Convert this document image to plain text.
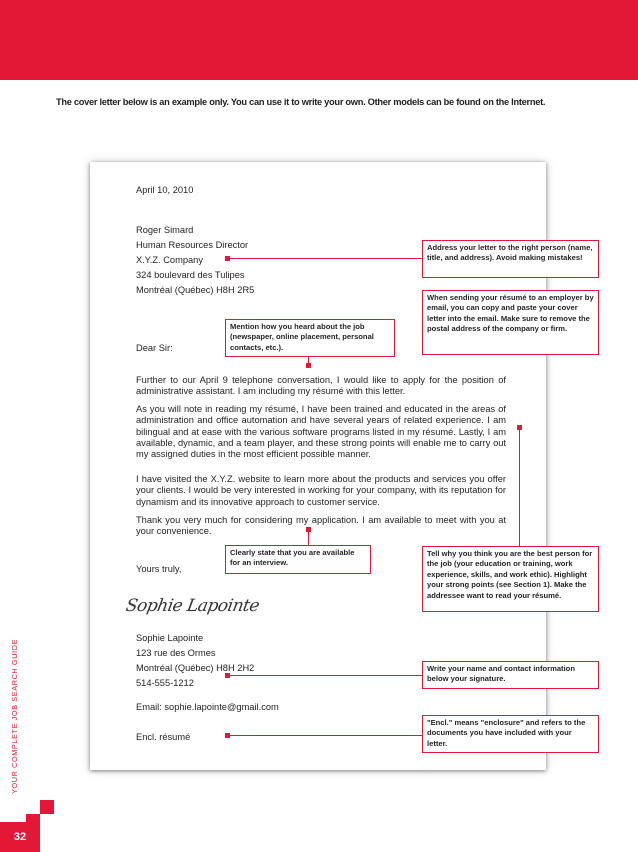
The cover letter below is an example only. You can use it to write your own. Other models can be found on the Internet.
April 10, 2010
Roger Simard
Human Resources Director
X.Y.Z. Company
324 boulevard des Tulipes
Montréal (Québec) H8H 2R5
Dear Sir:
Further to our April 9 telephone conversation, I would like to apply for the position of administrative assistant. I am including my résumé with this letter.
As you will note in reading my résumé, I have been trained and educated in the areas of administration and office automation and have several years of related experience. I am bilingual and at ease with the various software programs listed in my résumé. Lastly, I am available, dynamic, and a team player, and these strong points will enable me to carry out my assigned duties in the most efficient possible manner.
I have visited the X.Y.Z. website to learn more about the products and services you offer your clients. I would be very interested in working for your company, with its reputation for dynamism and its innovative approach to customer service.
Thank you very much for considering my application. I am available to meet with you at your convenience.
Yours truly,
Sophie Lapointe
Sophie Lapointe
123 rue des Ormes
Montréal (Québec) H8H 2H2
514-555-1212
Email: sophie.lapointe@gmail.com
Encl. résumé
Address your letter to the right person (name, title, and address). Avoid making mistakes!
When sending your résumé to an employer by email, you can copy and paste your cover letter into the email. Make sure to remove the postal address of the company or firm.
Mention how you heard about the job (newspaper, online placement, personal contacts, etc.).
Tell why you think you are the best person for the job (your education or training, work experience, skills, and work ethic). Highlight your strong points (see Section 1). Make the addressee want to read your résumé.
Clearly state that you are available for an interview.
Write your name and contact information below your signature.
"Encl." means "enclosure" and refers to the documents you have included with your letter.
YOUR COMPLETE JOB SEARCH GUIDE
32
